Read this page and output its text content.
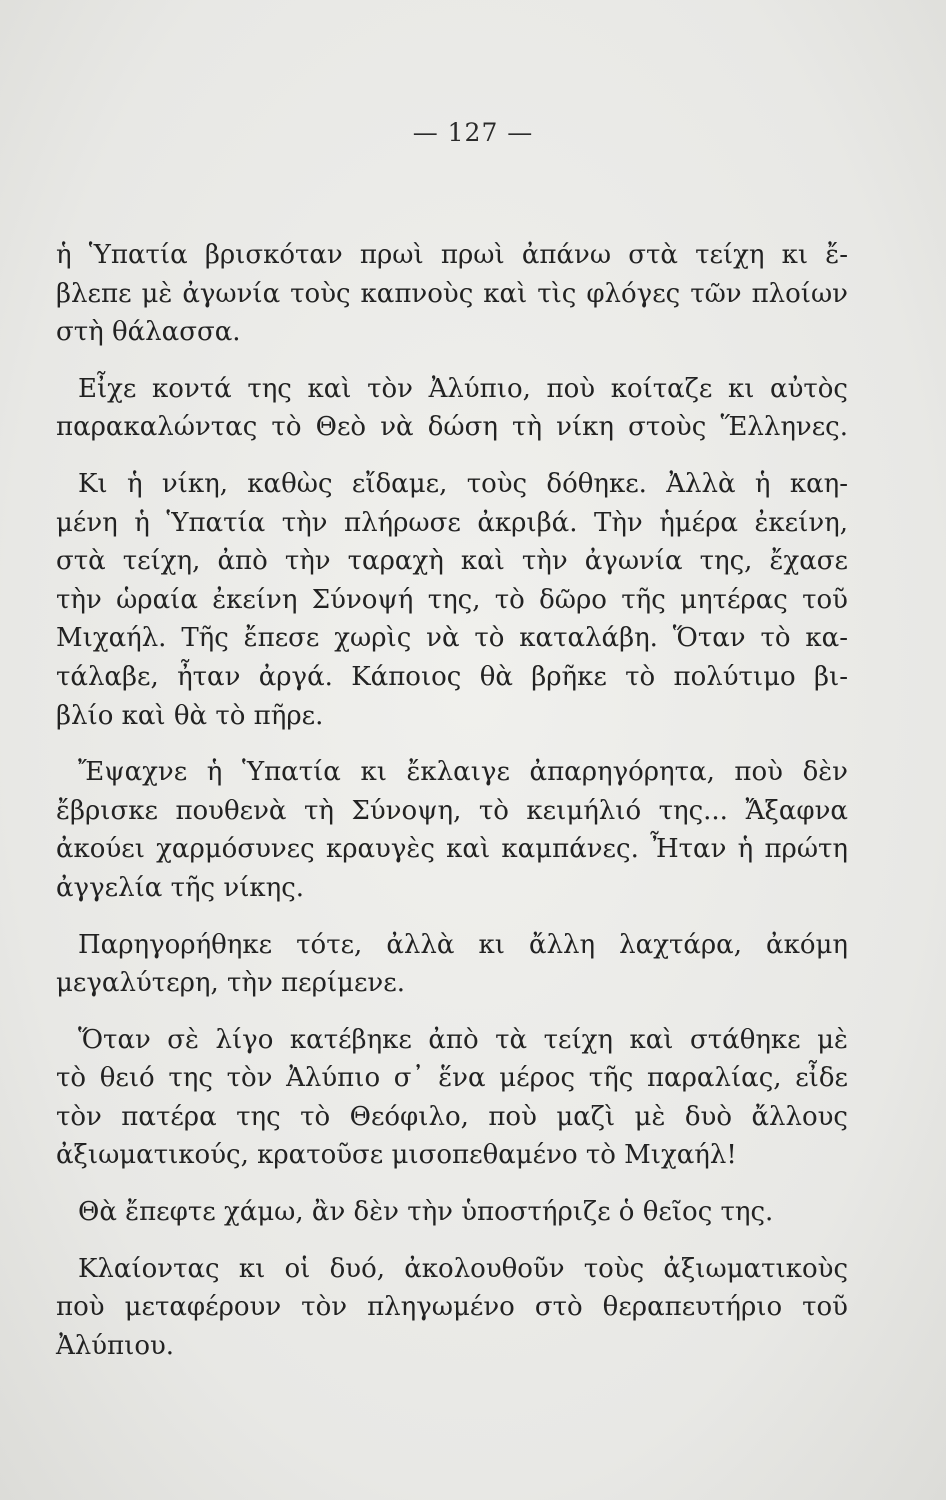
— 127 —
ἡ Ὑπατία βρισκόταν πρωὶ πρωὶ ἀπάνω στὰ τείχη κι ἔ-
βλεπε μὲ ἀγωνία τοὺς καπνοὺς καὶ τὶς φλόγες τῶν πλοίων
στὴ θάλασσα.
Εἶχε κοντά της καὶ τὸν Ἀλύπιο, ποὺ κοίταζε κι αὐτὸς
παρακαλώντας τὸ Θεὸ νὰ δώση τὴ νίκη στοὺς Ἕλληνες.
Κι ἡ νίκη, καθὼς εἴδαμε, τοὺς δόθηκε. Ἀλλὰ ἡ καη-
μένη ἡ Ὑπατία τὴν πλήρωσε ἀκριβά. Τὴν ἡμέρα ἐκείνη,
στὰ τείχη, ἀπὸ τὴν ταραχὴ καὶ τὴν ἀγωνία της, ἔχασε
τὴν ὡραία ἐκείνη Σύνοψή της, τὸ δῶρο τῆς μητέρας τοῦ
Μιχαήλ. Τῆς ἔπεσε χωρὶς νὰ τὸ καταλάβη. Ὅταν τὸ κα-
τάλαβε, ἦταν ἀργά. Κάποιος θὰ βρῆκε τὸ πολύτιμο βι-
βλίο καὶ θὰ τὸ πῆρε.
Ἔψαχνε ἡ Ὑπατία κι ἔκλαιγε ἀπαρηγόρητα, ποὺ δὲν
ἔβρισκε πουθενὰ τὴ Σύνοψη, τὸ κειμήλιό της... Ἄξαφνα
ἀκούει χαρμόσυνες κραυγὲς καὶ καμπάνες. Ἦταν ἡ πρώτη
ἀγγελία τῆς νίκης.
Παρηγορήθηκε τότε, ἀλλὰ κι ἄλλη λαχτάρα, ἀκόμη
μεγαλύτερη, τὴν περίμενε.
Ὅταν σὲ λίγο κατέβηκε ἀπὸ τὰ τείχη καὶ στάθηκε μὲ
τὸ θειό της τὸν Ἀλύπιο σ᾽ ἕνα μέρος τῆς παραλίας, εἶδε
τὸν πατέρα της τὸ Θεόφιλο, ποὺ μαζὶ μὲ δυὸ ἄλλους
ἀξιωματικούς, κρατοῦσε μισοπεθαμένο τὸ Μιχαήλ!
Θὰ ἔπεφτε χάμω, ἂν δὲν τὴν ὑποστήριζε ὁ θεῖος της.
Κλαίοντας κι οἱ δυό, ἀκολουθοῦν τοὺς ἀξιωματικοὺς
ποὺ μεταφέρουν τὸν πληγωμένο στὸ θεραπευτήριο τοῦ
Ἀλύπιου.
